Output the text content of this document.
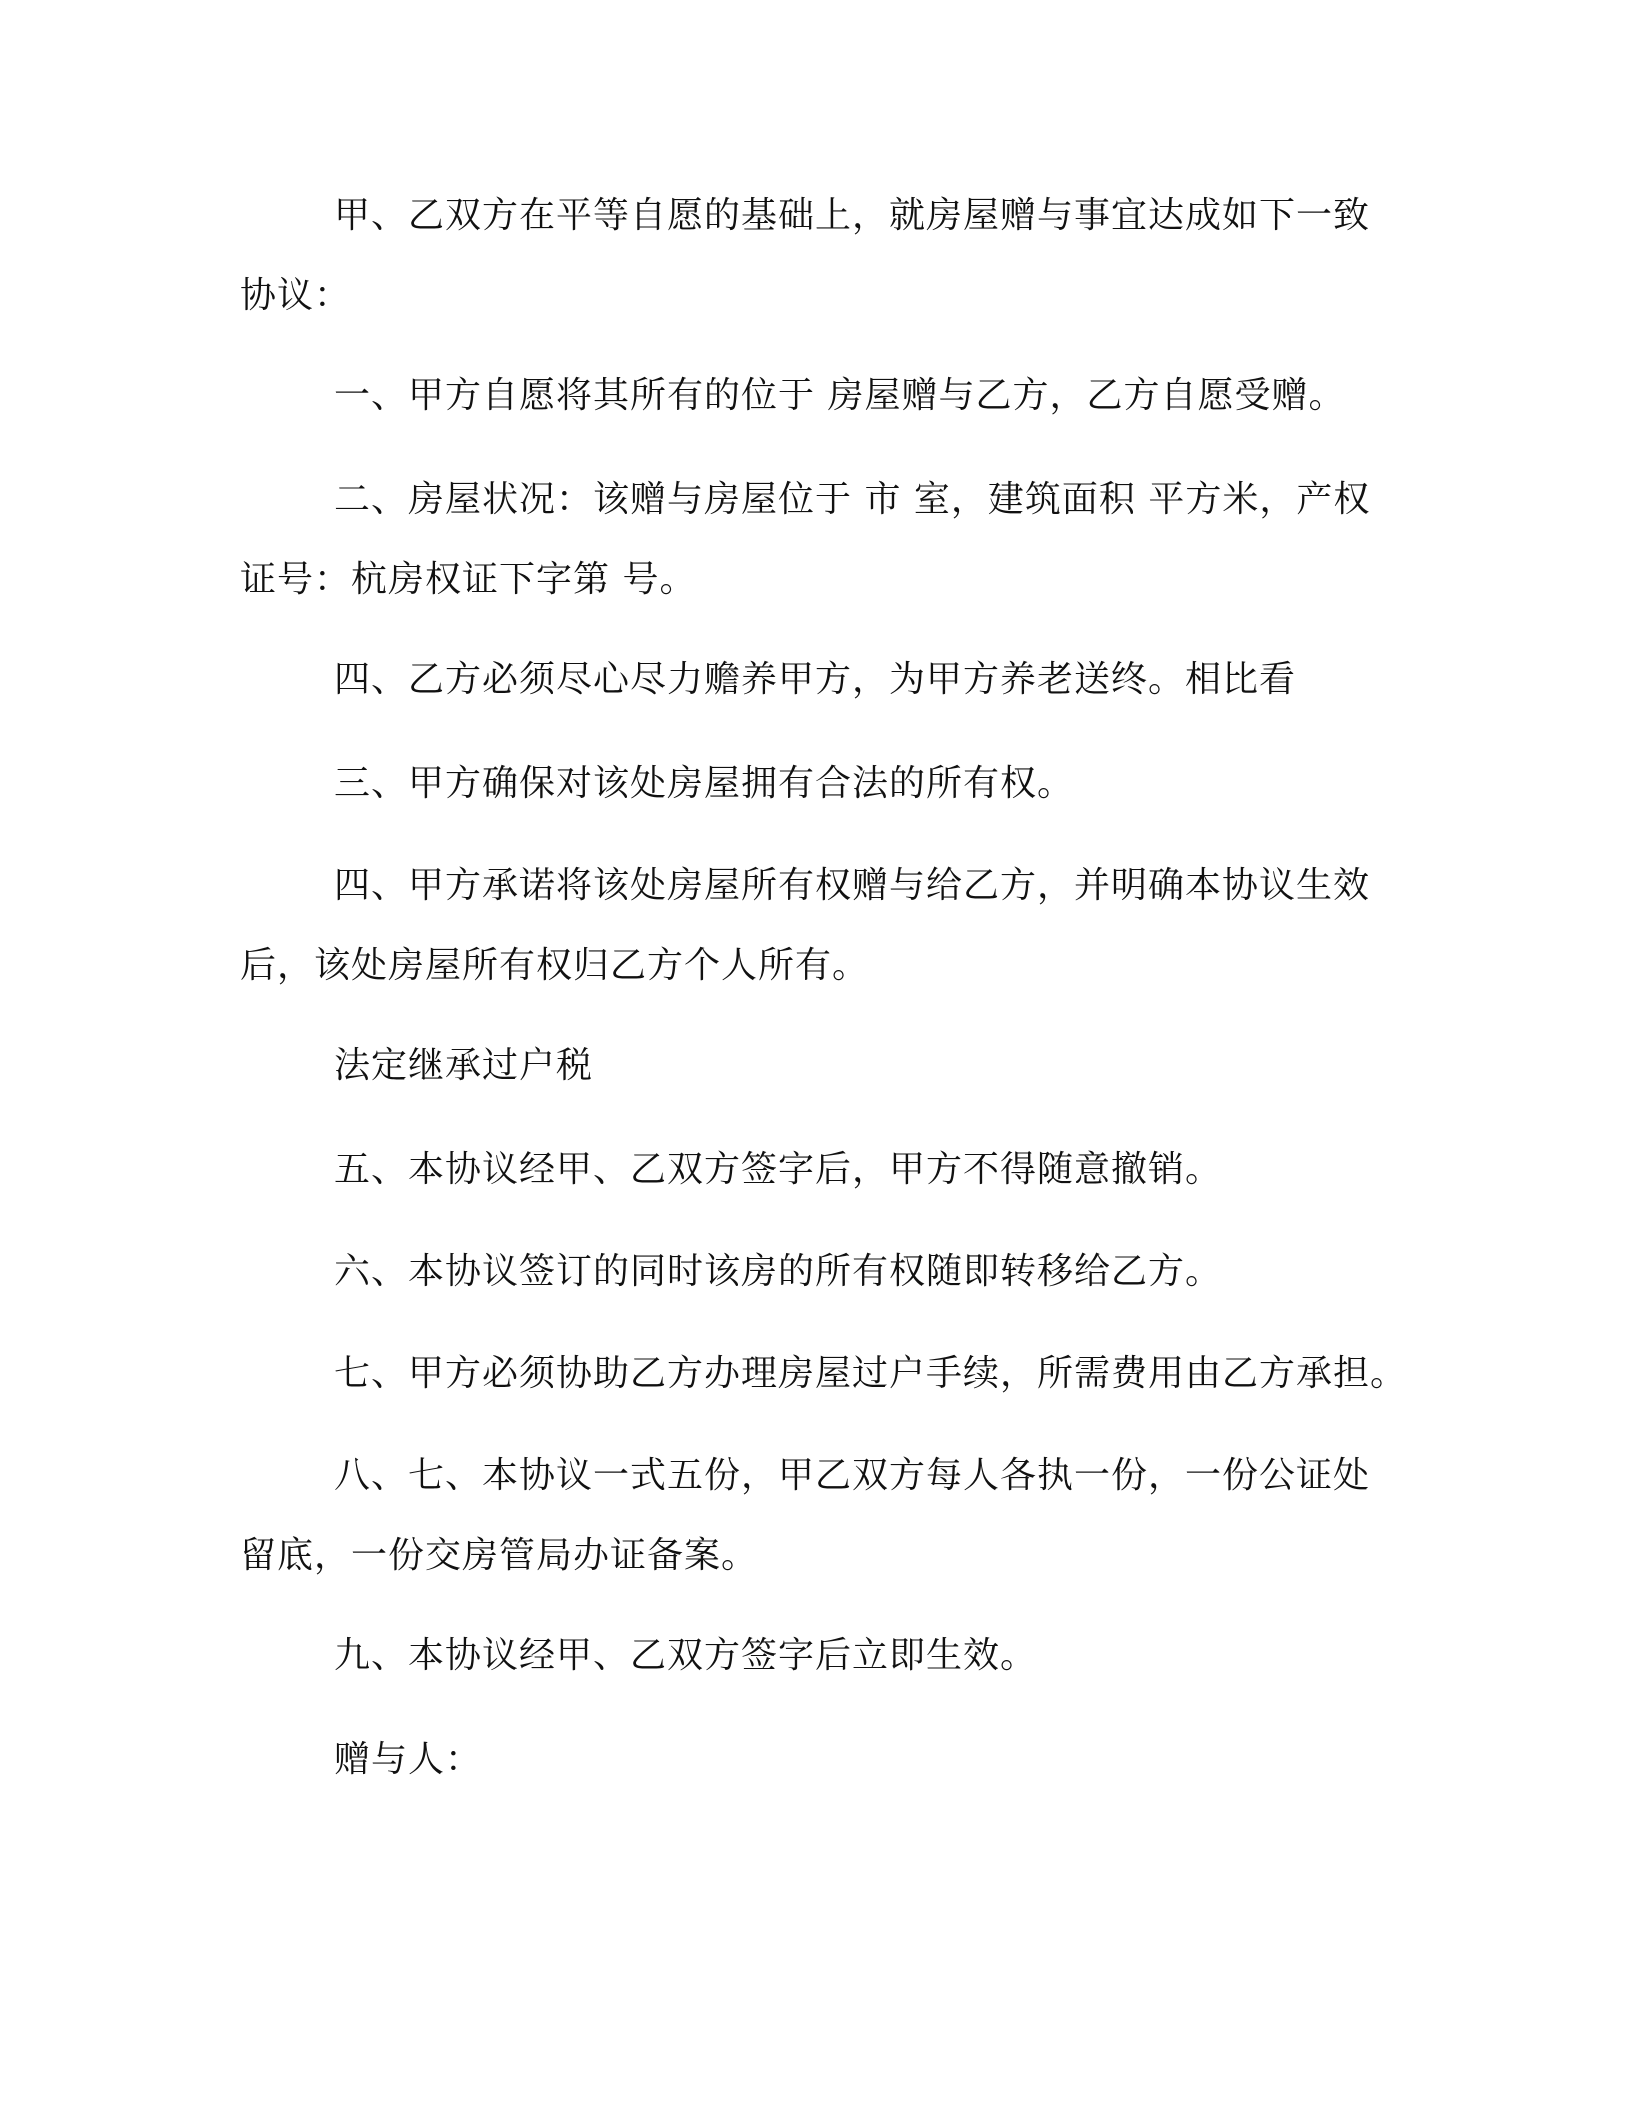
甲、乙双方在平等自愿的基础上，就房屋赠与事宜达成如下一致协议：

一、甲方自愿将其所有的位于 房屋赠与乙方，乙方自愿受赠。

二、房屋状况：该赠与房屋位于 市 室，建筑面积 平方米，产权证号：杭房权证下字第 号。

四、乙方必须尽心尽力赡养甲方，为甲方养老送终。相比看

三、甲方确保对该处房屋拥有合法的所有权。

四、甲方承诺将该处房屋所有权赠与给乙方，并明确本协议生效后，该处房屋所有权归乙方个人所有。

法定继承过户税

五、本协议经甲、乙双方签字后，甲方不得随意撤销。

六、本协议签订的同时该房的所有权随即转移给乙方。

七、甲方必须协助乙方办理房屋过户手续，所需费用由乙方承担。

八、七、本协议一式五份，甲乙双方每人各执一份，一份公证处留底，一份交房管局办证备案。

九、本协议经甲、乙双方签字后立即生效。

赠与人：
